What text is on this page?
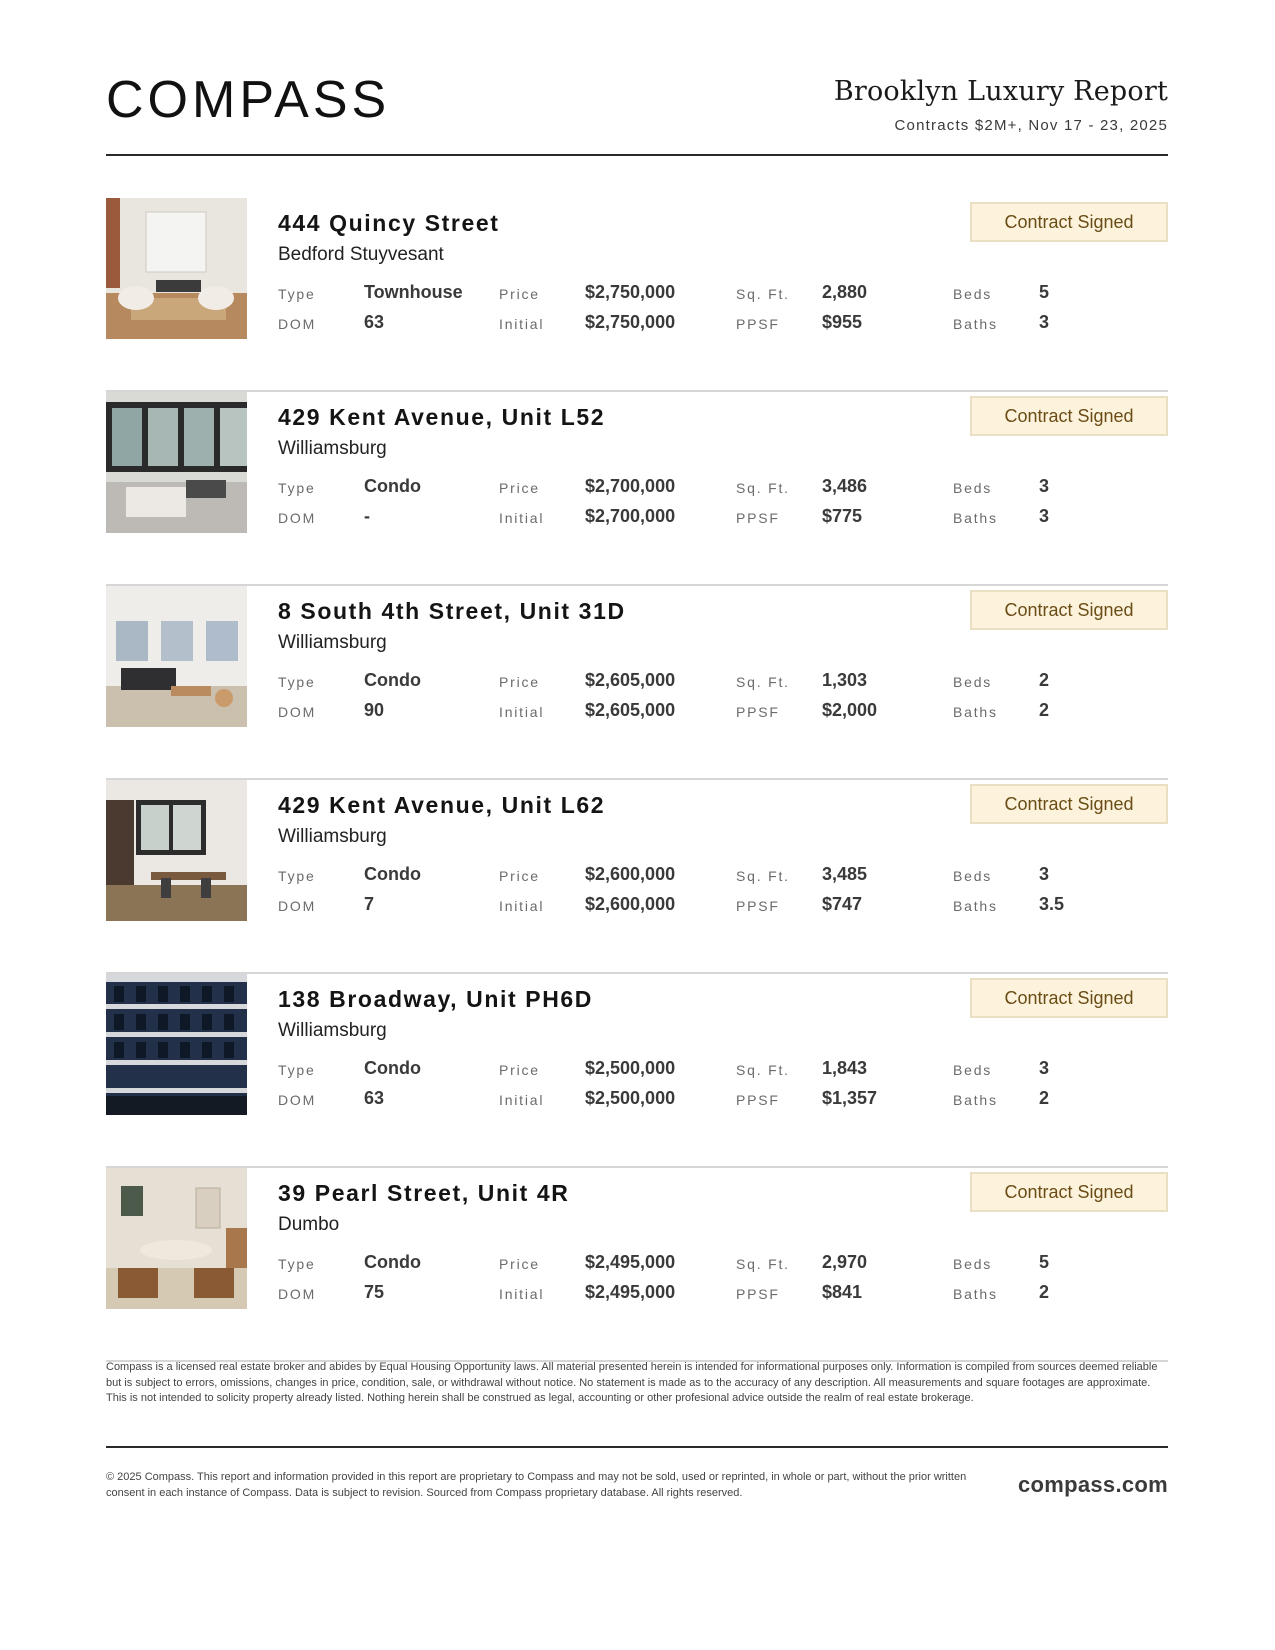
COMPASS	Brooklyn Luxury Report
Contracts $2M+, Nov 17 - 23, 2025
444 Quincy Street
Bedford Stuyvesant
Contract Signed
Type	Townhouse	Price	$2,750,000	Sq. Ft. 2,880	Beds	5
DOM	63	Initial $2,750,000	PPSF $955	Baths 3
429 Kent Avenue, Unit L52
Williamsburg
Contract Signed
Type	Condo	Price	$2,700,000	Sq. Ft. 3,486	Beds	3
DOM	-	Initial $2,700,000	PPSF $775	Baths 3
8 South 4th Street, Unit 31D
Williamsburg
Contract Signed
Type	Condo	Price	$2,605,000	Sq. Ft. 1,303	Beds	2
DOM	90	Initial $2,605,000	PPSF $2,000	Baths 2
429 Kent Avenue, Unit L62
Williamsburg
Contract Signed
Type	Condo	Price	$2,600,000	Sq. Ft. 3,485	Beds	3
DOM	7	Initial $2,600,000	PPSF $747	Baths 3.5
138 Broadway, Unit PH6D
Williamsburg
Contract Signed
Type	Condo	Price	$2,500,000	Sq. Ft. 1,843	Beds	3
DOM	63	Initial $2,500,000	PPSF $1,357	Baths 2
39 Pearl Street, Unit 4R
Dumbo
Contract Signed
Type	Condo	Price	$2,495,000	Sq. Ft. 2,970	Beds	5
DOM	75	Initial $2,495,000	PPSF $841	Baths 2
Compass is a licensed real estate broker and abides by Equal Housing Opportunity laws. All material presented herein is intended for informational purposes only. Information is compiled from sources deemed reliable but is subject to errors, omissions, changes in price, condition, sale, or withdrawal without notice. No statement is made as to the accuracy of any description. All measurements and square footages are approximate. This is not intended to solicity property already listed. Nothing herein shall be construed as legal, accounting or other profesional advice outside the realm of real estate brokerage.
© 2025 Compass. This report and information provided in this report are proprietary to Compass and may not be sold, used or reprinted, in whole or part, without the prior written consent in each instance of Compass. Data is subject to revision. Sourced from Compass proprietary database. All rights reserved.	compass.com
